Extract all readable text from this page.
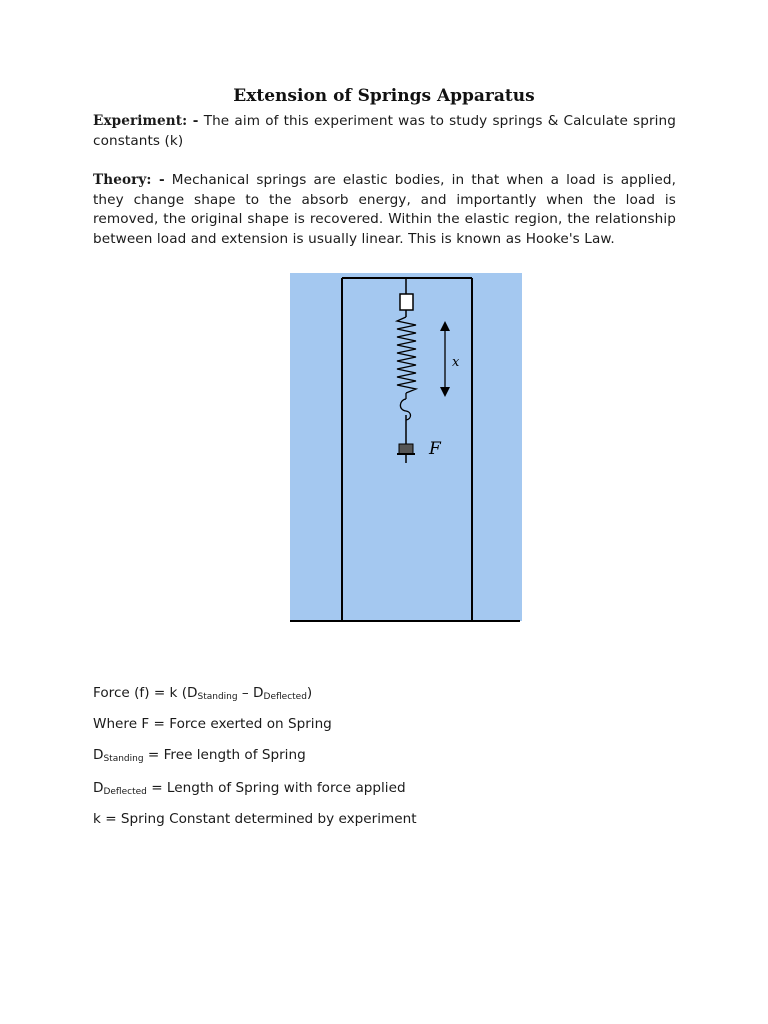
Extension of Springs Apparatus

Experiment: - The aim of this experiment was to study springs & Calculate spring constants (k)

Theory: - Mechanical springs are elastic bodies, in that when a load is applied, they change shape to the absorb energy, and importantly when the load is removed, the original shape is recovered. Within the elastic region, the relationship between load and extension is usually linear. This is known as Hooke's Law.

x
F
Force (f) = k $(D_{Standing} - D_{Deflected})$
Where F = Force exerted on Spring
$D_{Standing}$ = Free length of Spring
$D_{Deflected}$ = Length of Spring with force applied
k = Spring Constant determined by experiment
